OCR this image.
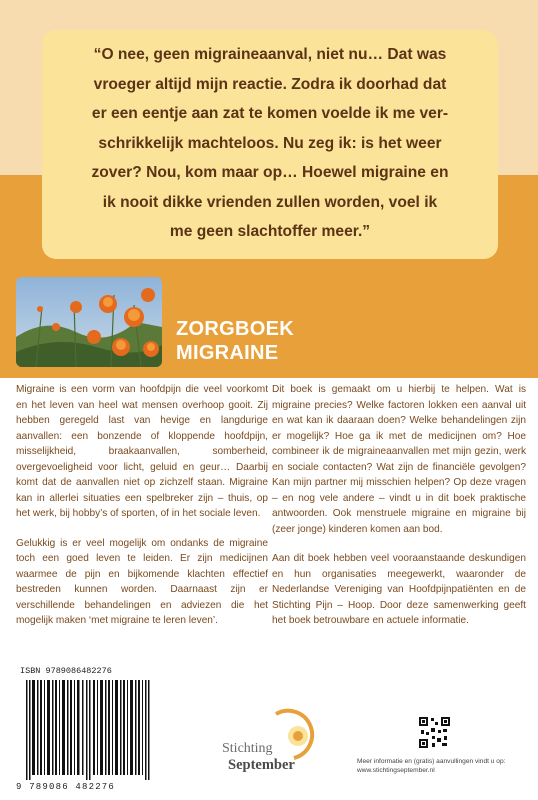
“O nee, geen migraineaanval, niet nu… Dat was
vroeger altijd mijn reactie. Zodra ik doorhad dat
er een eentje aan zat te komen voelde ik me ver-
schrikkelijk machteloos. Nu zeg ik: is het weer
zover? Nou, kom maar op… Hoewel migraine en
ik nooit dikke vrienden zullen worden, voel ik
me geen slachtoffer meer.”

ZORGBOEK
MIGRAINE

Migraine is een vorm van hoofdpijn die veel voorkomt en het leven van heel wat mensen overhoop gooit. Zij hebben geregeld last van hevige en langdurige aanvallen: een bonzende of kloppende hoofdpijn, misselijkheid, braakaanvallen, somberheid, overgevoeligheid voor licht, geluid en geur… Daarbij komt dat de aanvallen niet op zichzelf staan. Migraine kan in allerlei situaties een spelbreker zijn – thuis, op het werk, bij hobby’s of sporten, of in het sociale leven.

Gelukkig is er veel mogelijk om ondanks de migraine toch een goed leven te leiden. Er zijn medicijnen waarmee de pijn en bijkomende klachten effectief bestreden kunnen worden. Daarnaast zijn er verschillende behandelingen en adviezen die het mogelijk maken ‘met migraine te leren leven’.

Dit boek is gemaakt om u hierbij te helpen. Wat is migraine precies? Welke factoren lokken een aanval uit en wat kan ik daaraan doen? Welke behandelingen zijn er mogelijk? Hoe ga ik met de medicijnen om? Hoe combineer ik de migraineaanvallen met mijn gezin, werk en sociale contacten? Wat zijn de financiële gevolgen? Kan mijn partner mij misschien helpen? Op deze vragen – en nog vele andere – vindt u in dit boek praktische antwoorden. Ook menstruele migraine en migraine bij (zeer jonge) kinderen komen aan bod.

Aan dit boek hebben veel vooraanstaande deskundigen en hun organisaties meegewerkt, waaronder de Nederlandse Vereniging van Hoofdpijnpatiënten en de Stichting Pijn – Hoop. Door deze samenwerking geeft het boek betrouwbare en actuele informatie.

ISBN 9789086482276
9 789086 482276
Stichting
September	Meer informatie en (gratis) aanvullingen vindt u op:
www.stichtingseptember.nl
